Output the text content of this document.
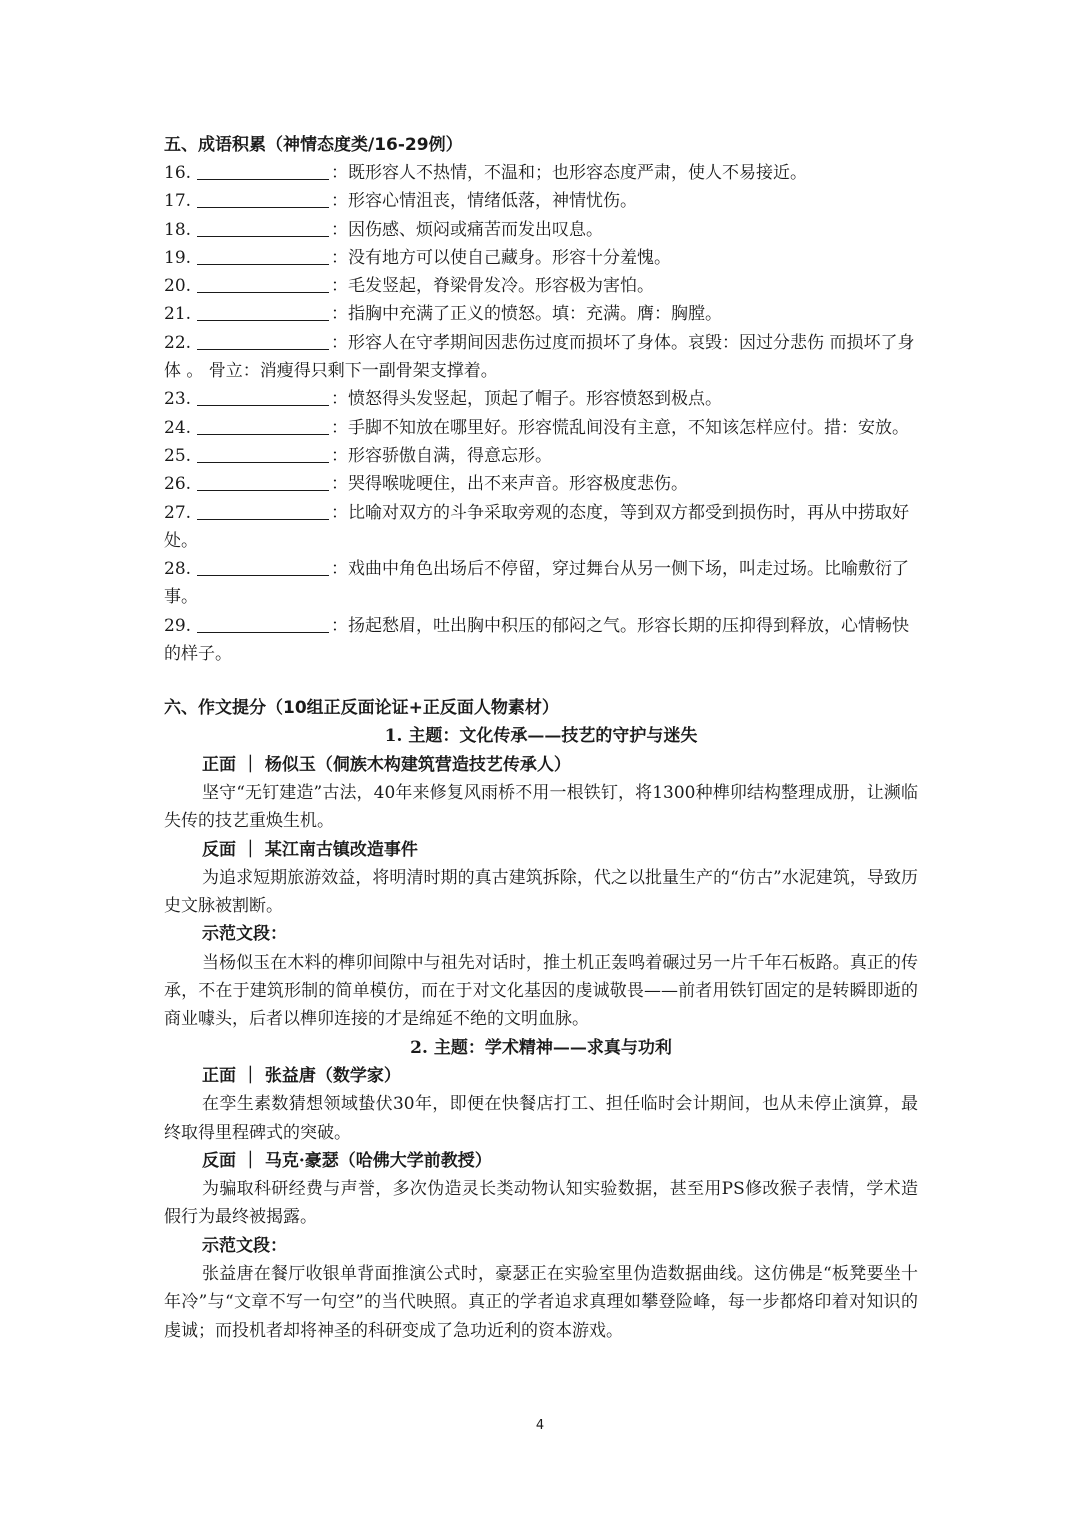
五、成语积累（神情态度类/16-29例）
16.	：既形容人不热情，不温和；也形容态度严肃，使人不易接近。
17.	：形容心情沮丧，情绪低落，神情忧伤。
18.	：因伤感、烦闷或痛苦而发出叹息。
19.	：没有地方可以使自己藏身。形容十分羞愧。
20.	：毛发竖起，脊梁骨发冷。形容极为害怕。
21.	：指胸中充满了正义的愤怒。填：充满。膺：胸膛。
22.	：形容人在守孝期间因悲伤过度而损坏了身体。哀毁：因过分悲伤 而损坏了身体 。 骨立：消瘦得只剩下一副骨架支撑着。
23.	：愤怒得头发竖起，顶起了帽子。形容愤怒到极点。
24.	：手脚不知放在哪里好。形容慌乱间没有主意，不知该怎样应付。措：安放。
25.	：形容骄傲自满，得意忘形。
26.	：哭得喉咙哽住，出不来声音。形容极度悲伤。
27.	：比喻对双方的斗争采取旁观的态度，等到双方都受到损伤时，再从中捞取好处。
28.	：戏曲中角色出场后不停留，穿过舞台从另一侧下场，叫走过场。比喻敷衍了事。
29.	：扬起愁眉，吐出胸中积压的郁闷之气。形容长期的压抑得到释放，心情畅快的样子。
六、作文提分（10组正反面论证+正反面人物素材）
1. 主题：文化传承——技艺的守护与迷失
正面 ｜ 杨似玉（侗族木构建筑营造技艺传承人）
坚守“无钉建造”古法，40年来修复风雨桥不用一根铁钉，将1300种榫卯结构整理成册，让濒临失传的技艺重焕生机。
反面 ｜ 某江南古镇改造事件
为追求短期旅游效益，将明清时期的真古建筑拆除，代之以批量生产的“仿古”水泥建筑，导致历史文脉被割断。
示范文段：
当杨似玉在木料的榫卯间隙中与祖先对话时，推土机正轰鸣着碾过另一片千年石板路。真正的传承，不在于建筑形制的简单模仿，而在于对文化基因的虔诚敬畏——前者用铁钉固定的是转瞬即逝的商业噱头，后者以榫卯连接的才是绵延不绝的文明血脉。
2. 主题：学术精神——求真与功利
正面 ｜ 张益唐（数学家）
在孪生素数猜想领域蛰伏30年，即便在快餐店打工、担任临时会计期间，也从未停止演算，最终取得里程碑式的突破。
反面 ｜ 马克·豪瑟（哈佛大学前教授）
为骗取科研经费与声誉，多次伪造灵长类动物认知实验数据，甚至用PS修改猴子表情，学术造假行为最终被揭露。
示范文段：
张益唐在餐厅收银单背面推演公式时，豪瑟正在实验室里伪造数据曲线。这仿佛是“板凳要坐十年冷”与“文章不写一句空”的当代映照。真正的学者追求真理如攀登险峰，每一步都烙印着对知识的虔诚；而投机者却将神圣的科研变成了急功近利的资本游戏。
4
